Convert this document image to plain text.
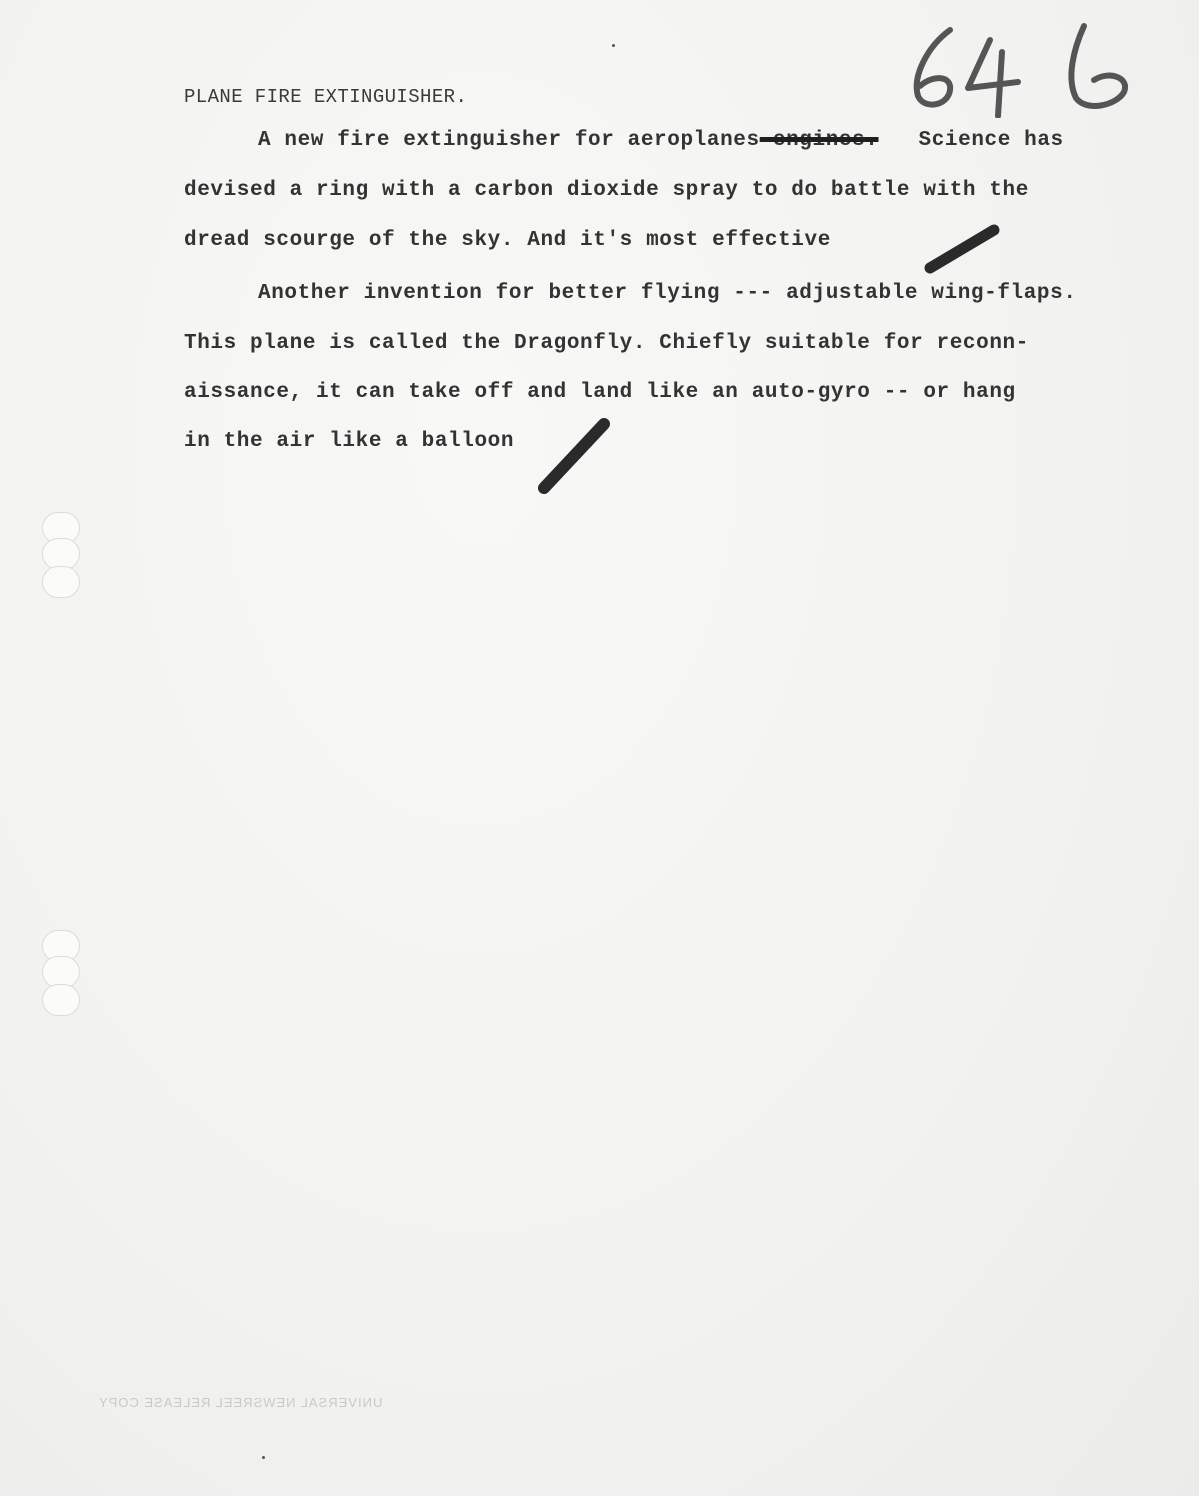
646
PLANE FIRE EXTINGUISHER.
A new fire extinguisher for aeroplanes engines. Science has
devised a ring with a carbon dioxide spray to do battle with the
dread scourge of the sky. And it's most effective
Another invention for better flying --- adjustable wing-flaps.
This plane is called the Dragonfly. Chiefly suitable for reconn-
aissance, it can take off and land like an auto-gyro -- or hang
in the air like a balloon
UNIVERSAL NEWSREEL RELEASE COPY
